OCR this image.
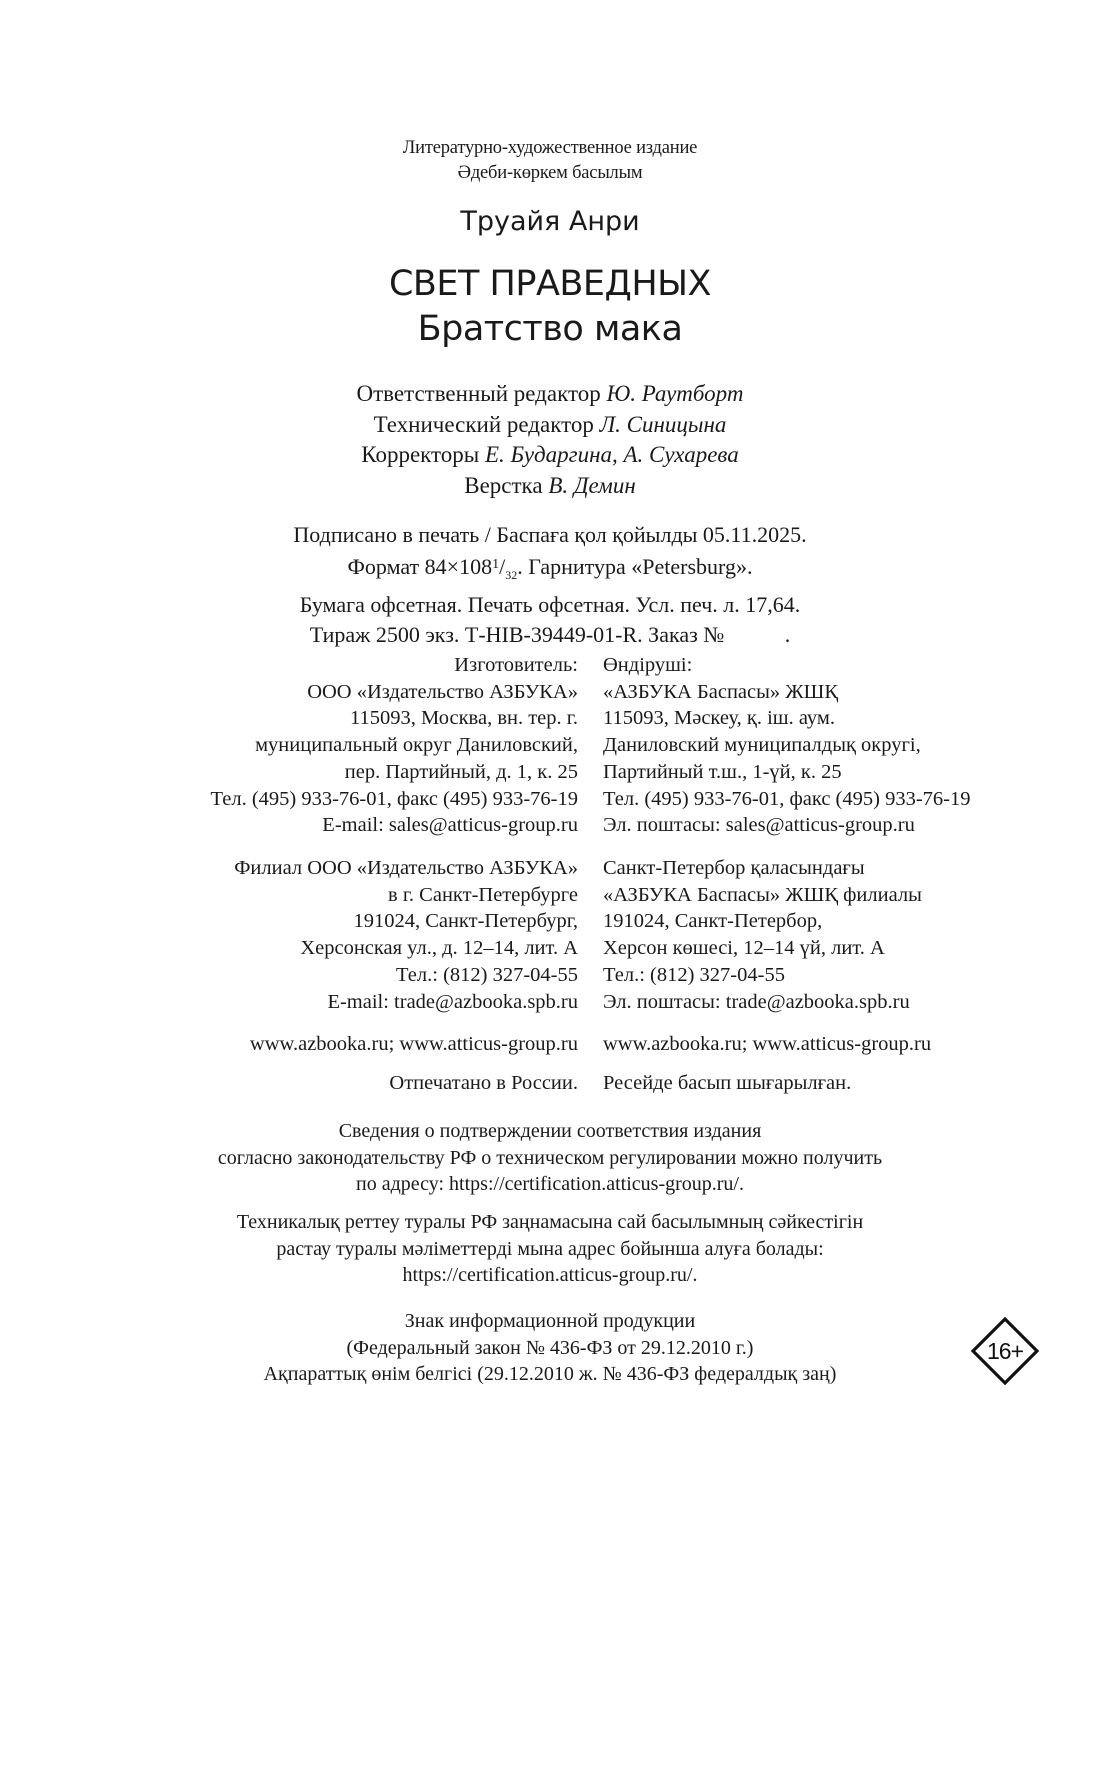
Литературно-художественное издание
Әдеби-көркем басылым
Труайя Анри
СВЕТ ПРАВЕДНЫХ
Братство мака
Ответственный редактор Ю. Раутборт
Технический редактор Л. Синицына
Корректоры Е. Бударгина, А. Сухарева
Верстка В. Демин
Подписано в печать / Баспаға қол қойылды 05.11.2025.
Формат $84\times 108^1/_{32}$. Гарнитура «Petersburg».
Бумага офсетная. Печать офсетная. Усл. печ. л. 17,64.
Тираж 2500 экз. Т-HIB-39449-01-R. Заказ №           .
Изготовитель:
ООО «Издательство АЗБУКА»
115093, Москва, вн. тер. г.
муниципальный округ Даниловский,
пер. Партийный, д. 1, к. 25
Тел. (495) 933-76-01, факс (495) 933-76-19
E-mail: sales@atticus-group.ru
Өндіруші:
«АЗБУКА Баспасы» ЖШҚ
115093, Мәскеу, қ. іш. аум.
Даниловский муниципалдық округі,
Партийный т.ш., 1-үй, к. 25
Тел. (495) 933-76-01, факс (495) 933-76-19
Эл. поштасы: sales@atticus-group.ru
Филиал ООО «Издательство АЗБУКА»
в г. Санкт-Петербурге
191024, Санкт-Петербург,
Херсонская ул., д. 12–14, лит. А
Тел.: (812) 327-04-55
E-mail: trade@azbooka.spb.ru
Санкт-Петербор қаласындағы
«АЗБУКА Баспасы» ЖШҚ филиалы
191024, Санкт-Петербор,
Херсон көшесі, 12–14 үй, лит. А
Тел.: (812) 327-04-55
Эл. поштасы: trade@azbooka.spb.ru
www.azbooka.ru; www.atticus-group.ru www.azbooka.ru; www.atticus-group.ru
Отпечатано в России. Ресейде басып шығарылған.
Сведения о подтверждении соответствия издания
согласно законодательству РФ о техническом регулировании можно получить
по адресу: https://certification.atticus-group.ru/.
Техникалық реттеу туралы РФ заңнамасына сай басылымның сәйкестігін
растау туралы мәліметтерді мына адрес бойынша алуға болады:
https://certification.atticus-group.ru/.
Знак информационной продукции
(Федеральный закон № 436-ФЗ от 29.12.2010 г.)
Ақпараттық өнім белгісі (29.12.2010 ж. № 436-ФЗ федералдық заң)
16+
